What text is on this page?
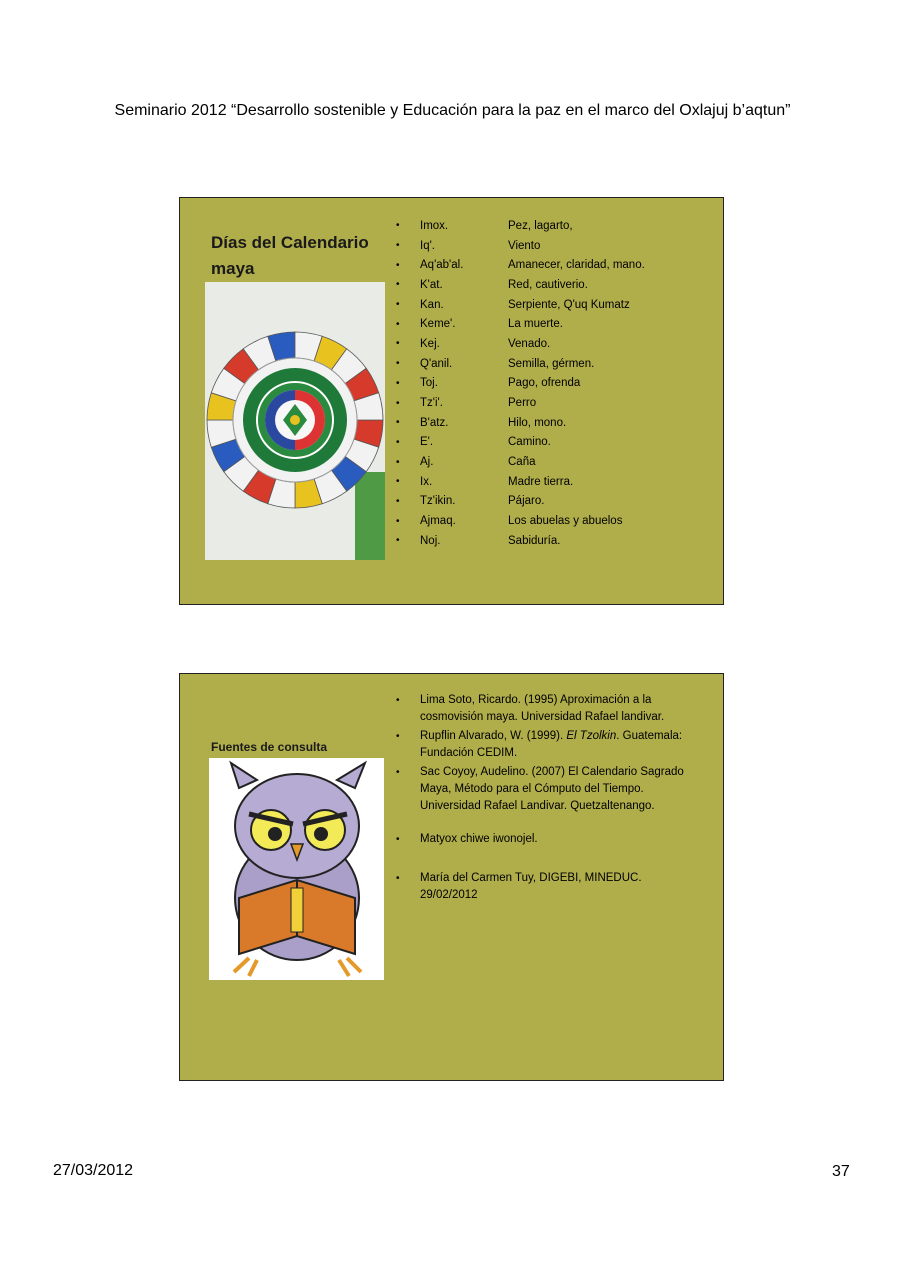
Seminario 2012 “Desarrollo sostenible y Educación para la paz en el marco del Oxlajuj b’aqtun”
Días del Calendario maya
•	Imox.	Pez, lagarto,
•	Iq'.	Viento
•	Aq'ab'al.	Amanecer, claridad, mano.
•	K'at.	Red, cautiverio.
•	Kan.	Serpiente, Q'uq Kumatz
•	Keme'.	La muerte.
•	Kej.	Venado.
•	Q'anil.	Semilla, gérmen.
•	Toj.	Pago, ofrenda
•	Tz'i'.	Perro
•	B'atz.	Hilo, mono.
•	E'.	Camino.
•	Aj.	Caña
•	Ix.	Madre tierra.
•	Tz'ikin.	Pájaro.
•	Ajmaq.	Los abuelas y abuelos
•	Noj.	Sabiduría.
Fuentes de consulta
•	Lima Soto, Ricardo. (1995) Aproximación a la cosmovisión maya. Universidad Rafael landivar.
•	Rupflin Alvarado, W. (1999). El Tzolkin. Guatemala: Fundación CEDIM.
•	Sac Coyoy, Audelino. (2007) El Calendario Sagrado Maya, Método para el Cómputo del Tiempo. Universidad Rafael Landivar. Quetzaltenango.
•	Matyox chiwe iwonojel.
•	María del Carmen Tuy, DIGEBI, MINEDUC. 29/02/2012
27/03/2012	37
